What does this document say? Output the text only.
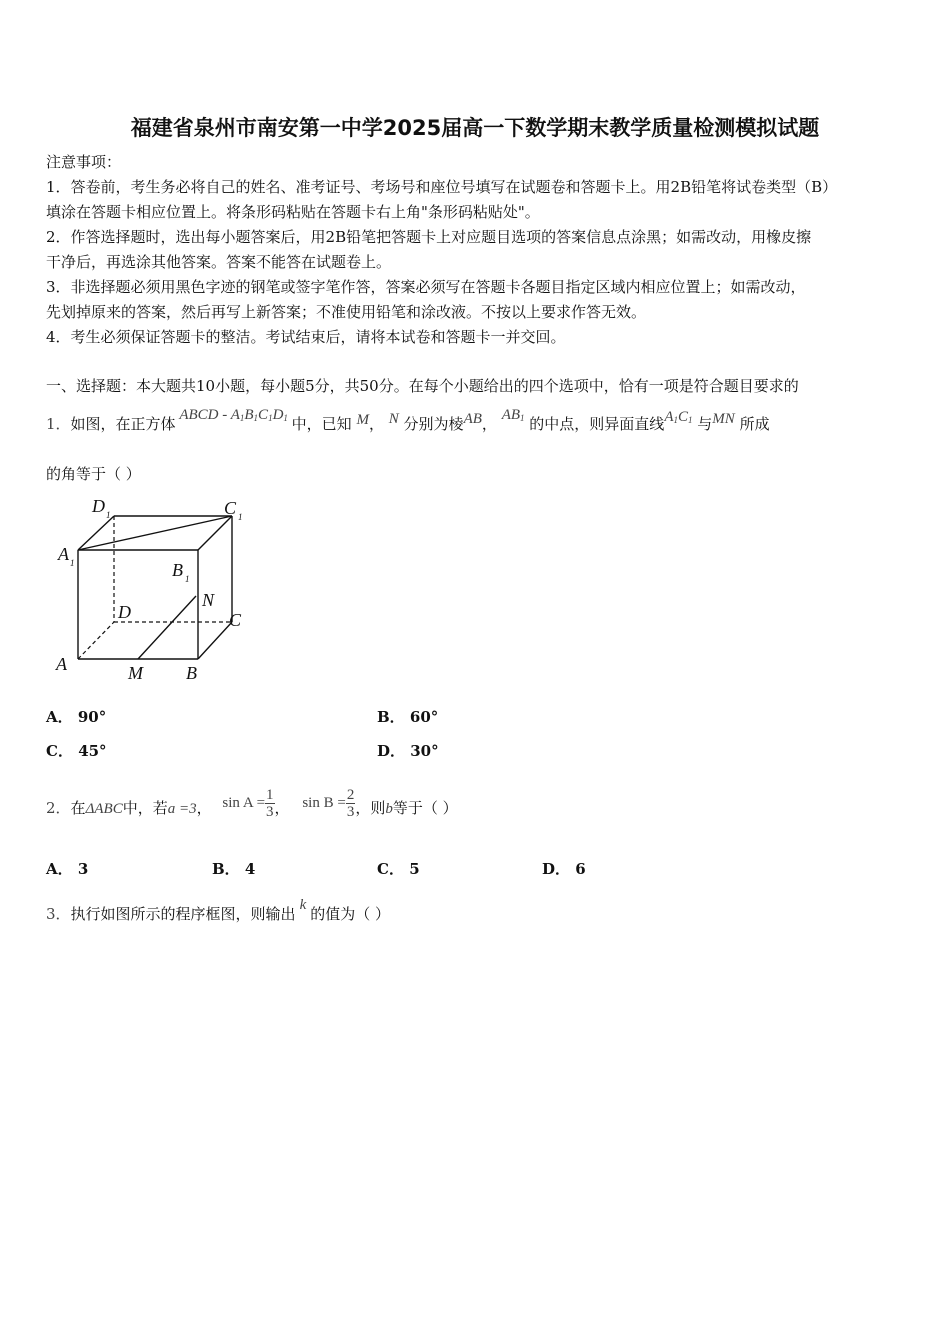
福建省泉州市南安第一中学2025届高一下数学期末教学质量检测模拟试题
注意事项：
1．答卷前，考生务必将自己的姓名、准考证号、考场号和座位号填写在试题卷和答题卡上。用2B铅笔将试卷类型（B）
填涂在答题卡相应位置上。将条形码粘贴在答题卡右上角"条形码粘贴处"。
2．作答选择题时，选出每小题答案后，用2B铅笔把答题卡上对应题目选项的答案信息点涂黑；如需改动，用橡皮擦
干净后，再选涂其他答案。答案不能答在试题卷上。
3．非选择题必须用黑色字迹的钢笔或签字笔作答，答案必须写在答题卡各题目指定区域内相应位置上；如需改动，
先划掉原来的答案，然后再写上新答案；不准使用铅笔和涂改液。不按以上要求作答无效。
4．考生必须保证答题卡的整洁。考试结束后，请将本试卷和答题卡一并交回。
一、选择题：本大题共10小题，每小题5分，共50分。在每个小题给出的四个选项中，恰有一项是符合题目要求的
1．如图，在正方体 ABCD - $A_1B_1C_1D_1$ 中，已知 M， N 分别为棱AB， $AB_1$ 的中点，则异面直线$A_1C_1$ 与MN 所成
的角等于（ ）
D 1	C 1
A 1	B 1
N
D	C
A	M B
A． 90°	B． 60°
C． 45°	D． 30°
2．在ΔABC中，若a =3， $\sin A = \frac{1}{3}$ ， $\sin B = \frac{2}{3}$ ，则b等于（ ）
A． 3	B． 4	C． 5	D． 6
3．执行如图所示的程序框图，则输出 k 的值为（ ）
